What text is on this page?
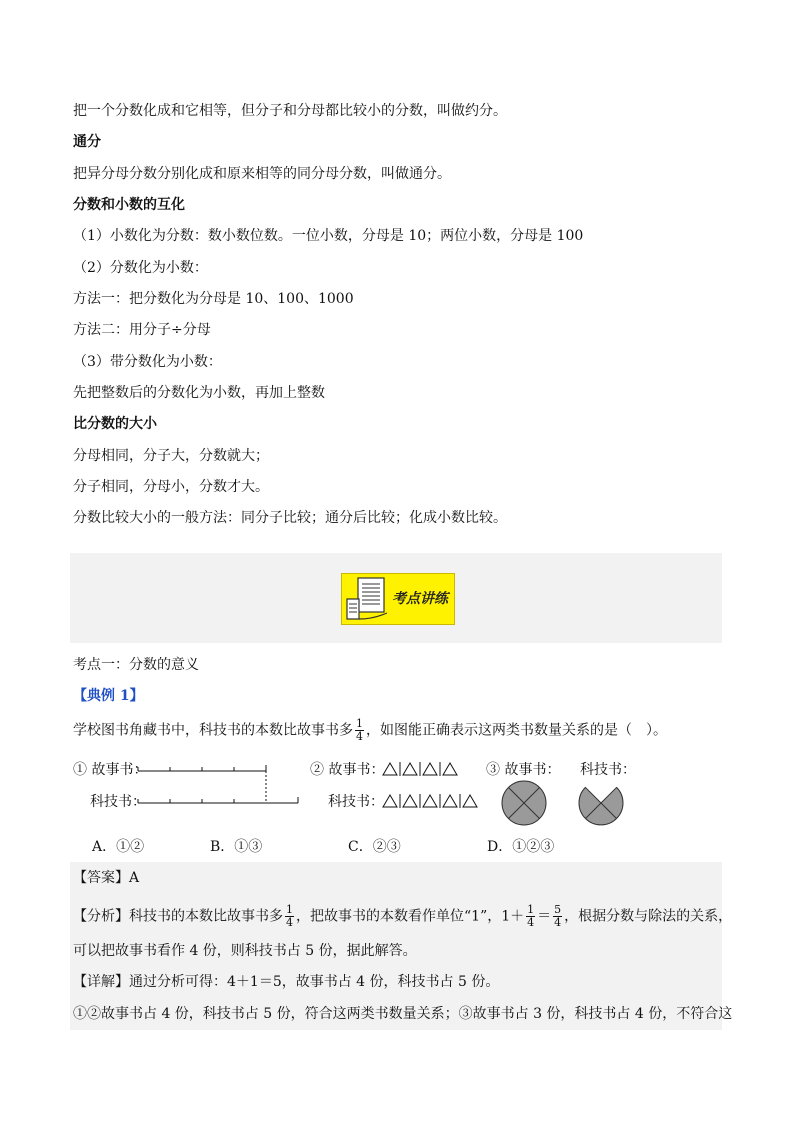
把一个分数化成和它相等，但分子和分母都比较小的分数，叫做约分。
通分
把异分母分数分别化成和原来相等的同分母分数，叫做通分。
分数和小数的互化
（1）小数化为分数：数小数位数。一位小数，分母是 10；两位小数，分母是 100
（2）分数化为小数：
方法一：把分数化为分母是 10、100、1000
方法二：用分子÷分母
（3）带分数化为小数：
先把整数后的分数化为小数，再加上整数
比分数的大小
分母相同，分子大，分数就大；
分子相同，分母小，分数才大。
分数比较大小的一般方法：同分子比较；通分后比较；化成小数比较。
考点讲练
考点一：分数的意义
【典例 1】
学校图书角藏书中，科技书的本数比故事书多 $\frac{1}{4}$ ，如图能正确表示这两类书数量关系的是（　）。
① 故事书：
科技书：
② 故事书：
科技书：
③ 故事书： 科技书：
A．①②	B．①③	C．②③	D．①②③
【答案】A
【分析】科技书的本数比故事书多 $\frac{1}{4}$ ，把故事书的本数看作单位“1”，$1+ \frac{1}{4} = \frac{5}{4}$ ，根据分数与除法的关系，
可以把故事书看作 4 份，则科技书占 5 份，据此解答。
【详解】通过分析可得：4＋1＝5，故事书占 4 份，科技书占 5 份。
①②故事书占 4 份，科技书占 5 份，符合这两类书数量关系；③故事书占 3 份，科技书占 4 份，不符合这
